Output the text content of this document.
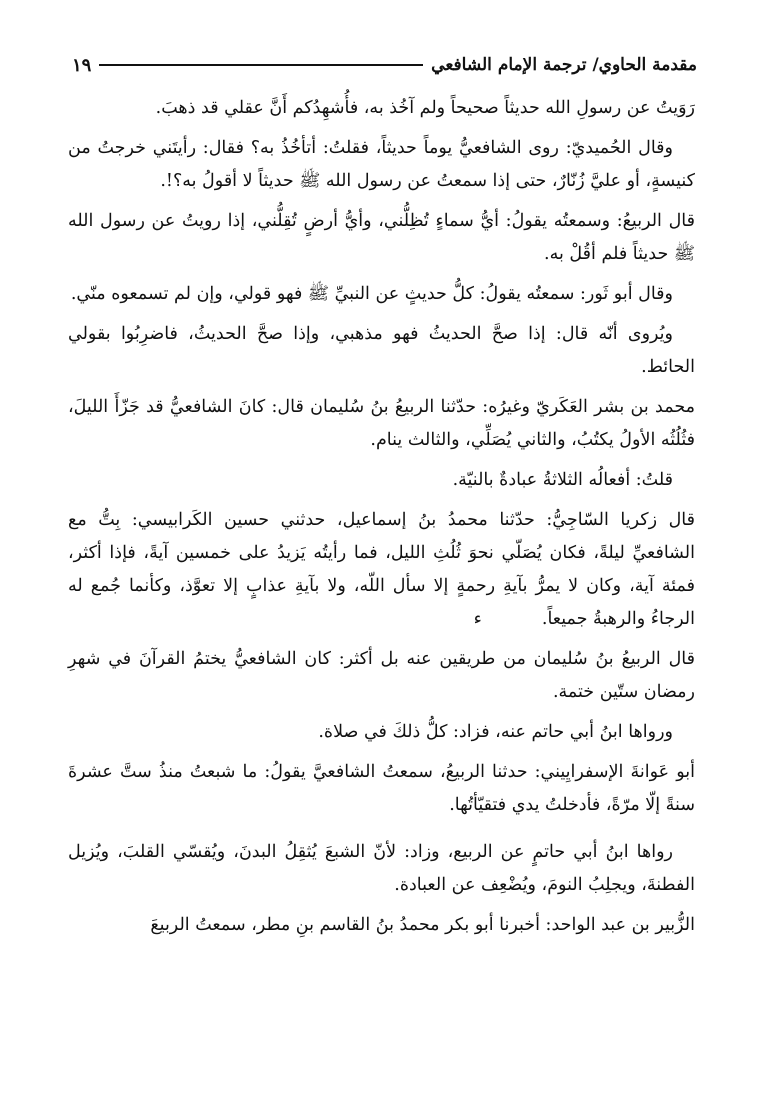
مقدمة الحاوي/ ترجمة الإمام الشافعي
١٩

رَوَيتُ عن رسولِ الله حديثاً صحيحاً ولم آخُذ به، فأُشهِدُكم أَنَّ عقلي قد ذهبَ.

وقال الحُميديّ: روى الشافعيُّ يوماً حديثاً، فقلتُ: أتأخُذُ به؟ فقال: رأيتَني خرجتُ من كنيسةٍ، أو عليَّ زُنّارٌ، حتى إذا سمعتُ عن رسول الله ﷺ حديثاً لا أقولُ به؟!.

قال الربيعُ: وسمعتُه يقولُ: أيُّ سماءٍ تُظِلُّني، وأيُّ أرضٍ تُقِلُّني، إذا رويتُ عن رسول الله ﷺ حديثاً فلم أقُلْ به.

وقال أبو ثَور: سمعتُه يقولُ: كلُّ حديثٍ عن النبيِّ ﷺ فهو قولي، وإن لم تسمعوه منّي.

ويُروى أنّه قال: إذا صحَّ الحديثُ فهو مذهبي، وإذا صحَّ الحديثُ، فاضرِبُوا بقولي الحائط.

محمد بن بشر العَكَريّ وغيرُه: حدّثنا الربيعُ بنُ سُليمان قال: كانَ الشافعيُّ قد جَزّأَ الليلَ، فثُلُثُه الأولُ يكتُبُ، والثاني يُصَلِّي، والثالث ينام.

قلتُ: أفعالُه الثلاثةُ عبادةٌ بالنيّة.

قال زكريا السّاجِيُّ: حدّثنا محمدُ بنُ إسماعيل، حدثني حسين الكَرابيسي: بِتُّ مع الشافعيِّ ليلةً، فكان يُصَلّي نحوَ ثُلُثِ الليل، فما رأيتُه يَزيدُ على خمسين آيةً، فإذا أكثر، فمئة آية، وكان لا يمرُّ بآيةِ رحمةٍ إلا سأل اللّه، ولا بآيةِ عذابٍ إلا تعوَّذ، وكأنما جُمع له الرجاءُ والرهبةُ جميعاً.ء

قال الربيعُ بنُ سُليمان من طريقين عنه بل أكثر: كان الشافعيُّ يختمُ القرآنَ في شهرِ رمضان ستّين ختمة.

ورواها ابنُ أبي حاتم عنه، فزاد: كلُّ ذلكَ في صلاة.

أبو عَوانةَ الإسفرايِيني: حدثنا الربيعُ، سمعتُ الشافعيَّ يقولُ: ما شبعتُ منذُ ستَّ عشرةَ سنةً إلّا مرّةً، فأدخلتُ يدي فتقيّأتُها.

رواها ابنُ أبي حاتمٍ عن الربيع، وزاد: لأنّ الشبعَ يُثقِلُ البدنَ، ويُقسّي القلبَ، ويُزيل الفطنةَ، ويجلِبُ النومَ، ويُضْعِف عن العبادة.

الزُّبير بن عبد الواحد: أخبرنا أبو بكر محمدُ بنُ القاسم بنِ مطر، سمعتُ الربيعَ
